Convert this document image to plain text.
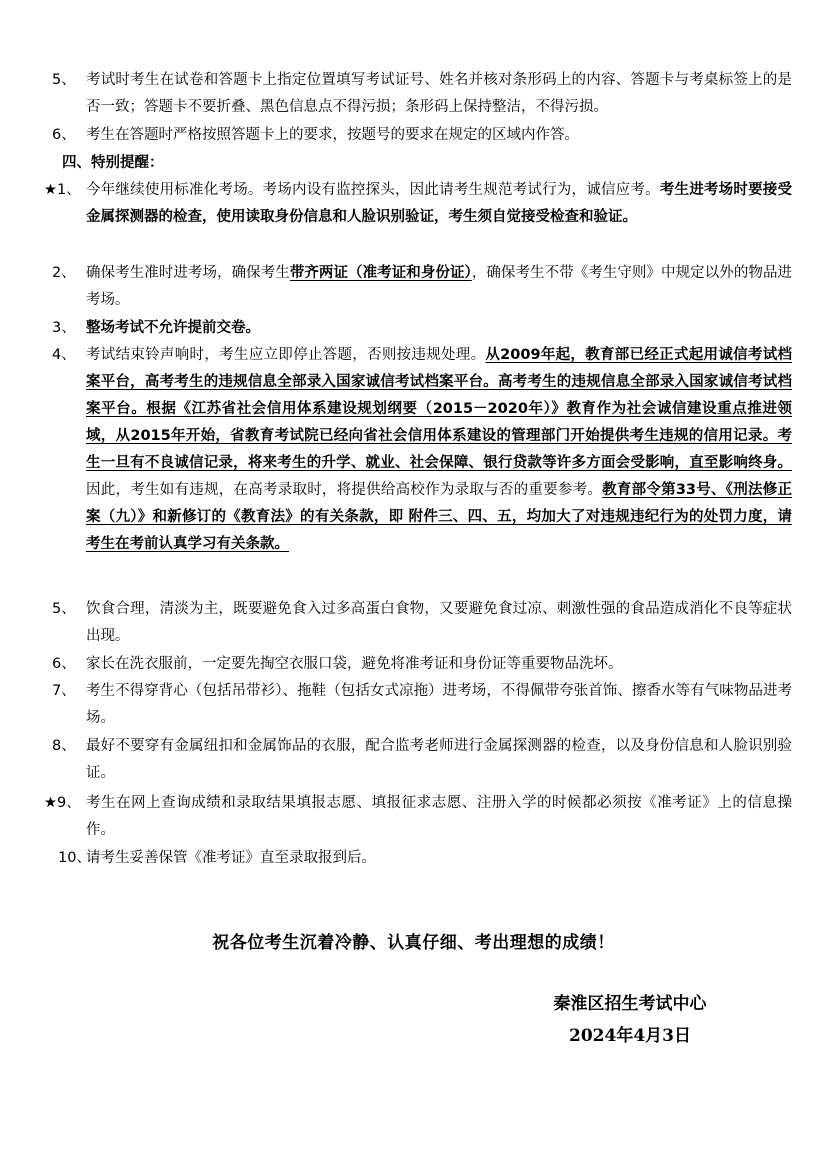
5、 考试时考生在试卷和答题卡上指定位置填写考试证号、姓名并核对条形码上的内容、答题卡与考桌标签上的是否一致；答题卡不要折叠、黑色信息点不得污损；条形码上保持整洁，不得污损。
6、 考生在答题时严格按照答题卡上的要求，按题号的要求在规定的区域内作答。
四、特别提醒：
★1、 今年继续使用标准化考场。考场内设有监控探头，因此请考生规范考试行为，诚信应考。考生进考场时要接受金属探测器的检查，使用读取身份信息和人脸识别验证，考生须自觉接受检查和验证。
2、 确保考生准时进考场，确保考生带齐两证（准考证和身份证），确保考生不带《考生守则》中规定以外的物品进考场。
3、 整场考试不允许提前交卷。
4、 考试结束铃声响时，考生应立即停止答题，否则按违规处理。从2009年起，教育部已经正式起用诚信考试档案平台，高考考生的违规信息全部录入国家诚信考试档案平台。高考考生的违规信息全部录入国家诚信考试档案平台。根据《江苏省社会信用体系建设规划纲要（2015－2020年）》教育作为社会诚信建设重点推进领域，从2015年开始，省教育考试院已经向省社会信用体系建设的管理部门开始提供考生违规的信用记录。考生一旦有不良诚信记录，将来考生的升学、就业、社会保障、银行贷款等许多方面会受影响，直至影响终身。因此，考生如有违规，在高考录取时，将提供给高校作为录取与否的重要参考。教育部令第33号、《刑法修正案（九）》和新修订的《教育法》的有关条款，即 附件三、四、五，均加大了对违规违纪行为的处罚力度，请考生在考前认真学习有关条款。
5、 饮食合理，清淡为主，既要避免食入过多高蛋白食物，又要避免食过凉、刺激性强的食品造成消化不良等症状出现。
6、 家长在洗衣服前，一定要先掏空衣服口袋，避免将准考证和身份证等重要物品洗坏。
7、 考生不得穿背心（包括吊带衫）、拖鞋（包括女式凉拖）进考场，不得佩带夸张首饰、擦香水等有气味物品进考场。
8、 最好不要穿有金属纽扣和金属饰品的衣服，配合监考老师进行金属探测器的检查，以及身份信息和人脸识别验证。
★9、 考生在网上查询成绩和录取结果填报志愿、填报征求志愿、注册入学的时候都必须按《准考证》上的信息操作。
10、
请考生妥善保管《准考证》直至录取报到后。
祝各位考生沉着冷静、认真仔细、考出理想的成绩！
秦淮区招生考试中心
2024年4月3日
